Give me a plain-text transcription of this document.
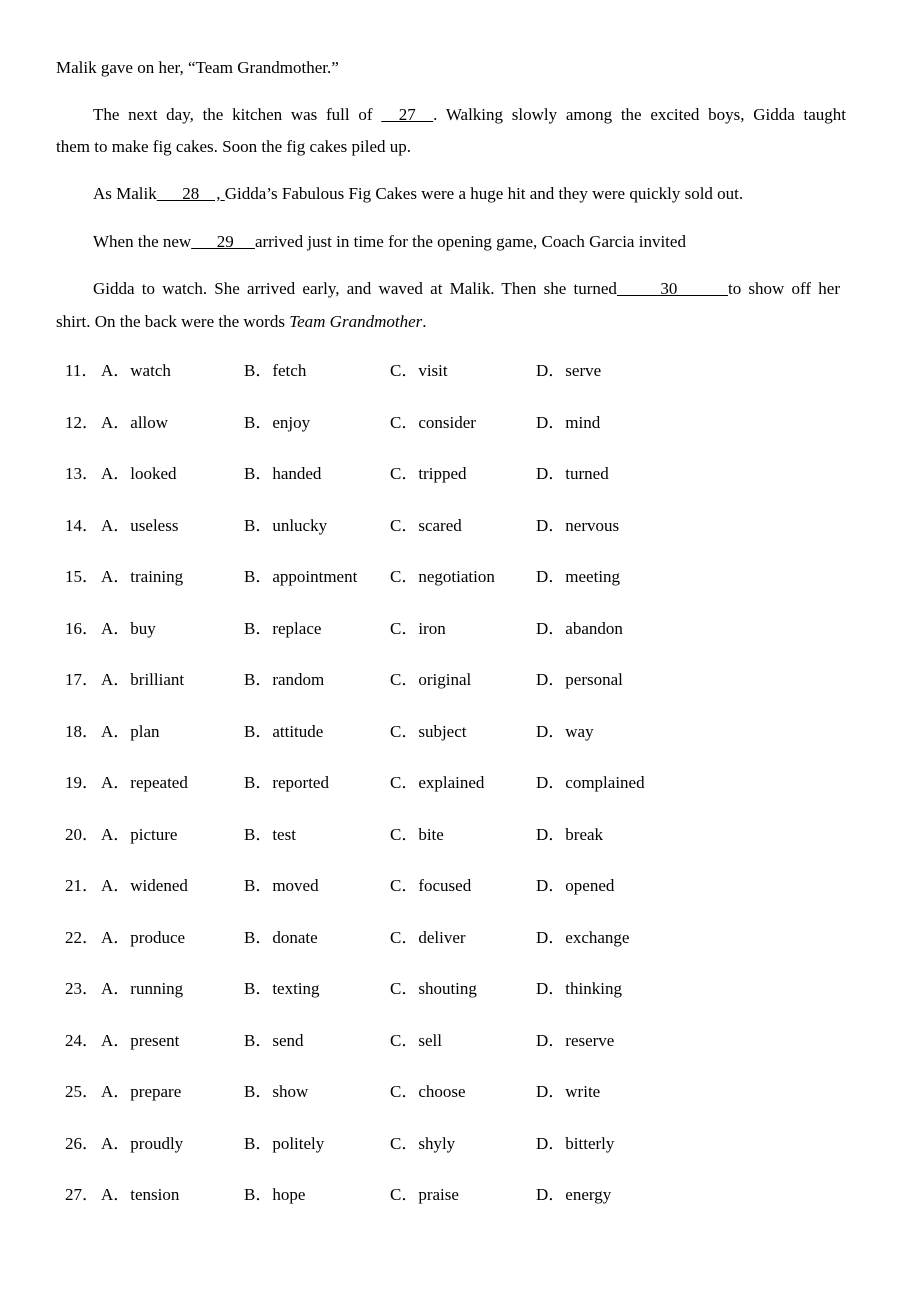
Malik gave on her, “Team Grandmother.”
The next day, the kitchen was full of   27  . Walking slowly among the excited boys, Gidda taught
them to make fig cakes. Soon the fig cakes piled up.
As Malik      28    , Gidda’s Fabulous Fig Cakes were a huge hit and they were quickly sold out.
When the new      29     arrived just in time for the opening game, Coach Garcia invited
Gidda to watch. She arrived early, and waved at Malik. Then she turned      30       to show off her
shirt. On the back were the words Team Grandmother.
11． A．watch	B．fetch	C．visit	D．serve
12． A．allow	B．enjoy	C．consider	D．mind
13． A．looked	B．handed	C．tripped	D．turned
14． A．useless	B．unlucky	C．scared	D．nervous
15． A．training	B．appointment C．negotiation D．meeting
16． A．buy	B．replace	C．iron	D．abandon
17． A．brilliant	B．random	C．original	D．personal
18． A．plan	B．attitude	C．subject	D．way
19． A．repeated	B．reported	C．explained	D．complained
20． A．picture	B．test	C．bite	D．break
21． A．widened	B．moved	C．focused	D．opened
22． A．produce	B．donate	C．deliver	D．exchange
23． A．running	B．texting	C．shouting	D．thinking
24． A．present	B．send	C．sell	D．reserve
25． A．prepare	B．show	C．choose	D．write
26． A．proudly	B．politely	C．shyly	D．bitterly
27． A．tension	B．hope	C．praise	D．energy
